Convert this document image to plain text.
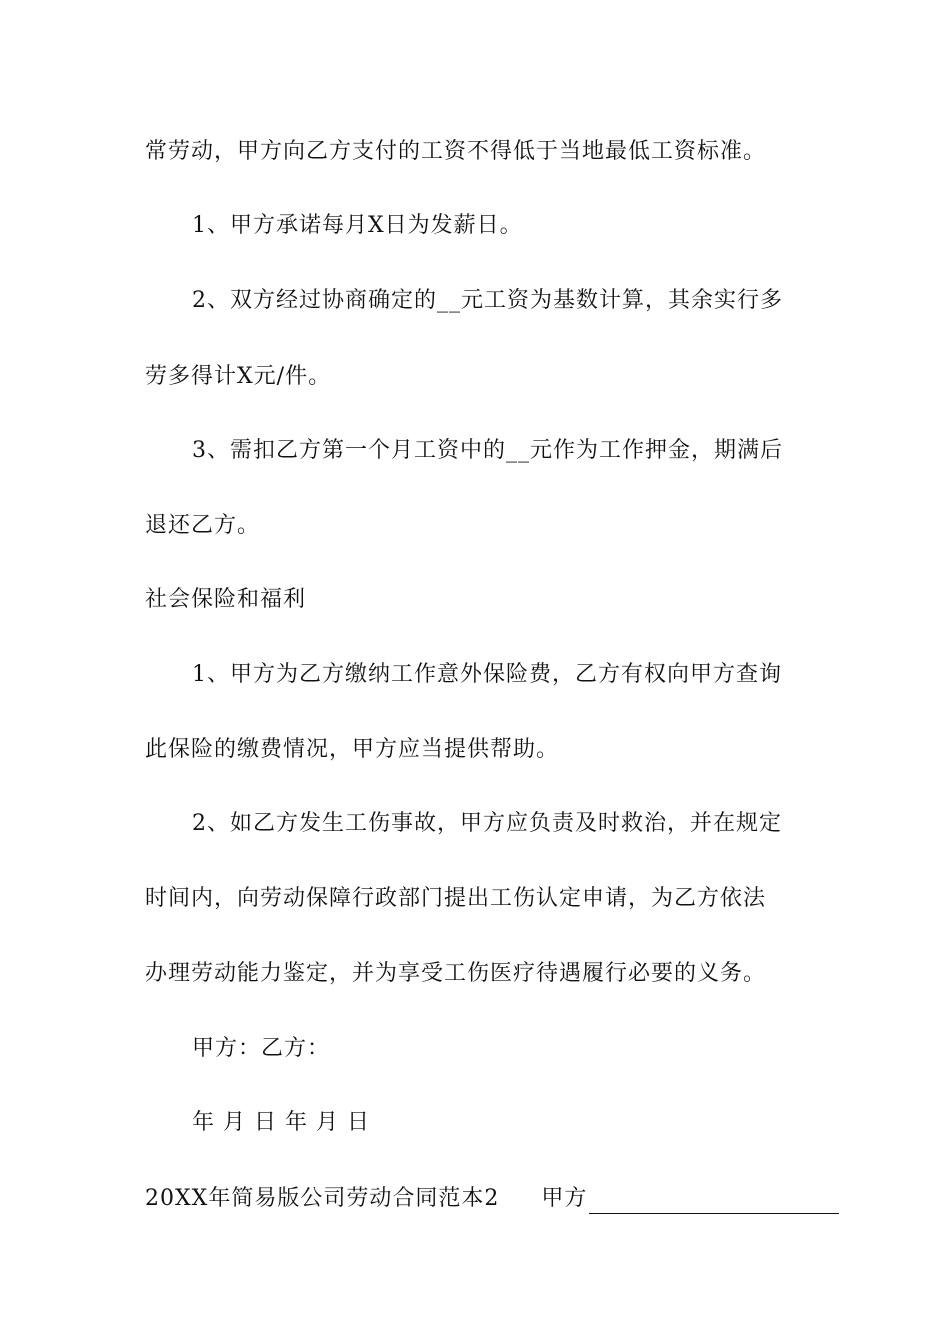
常劳动，甲方向乙方支付的工资不得低于当地最低工资标准。
1、甲方承诺每月X日为发薪日。
2、双方经过协商确定的__元工资为基数计算，其余实行多
劳多得计X元/件。
3、需扣乙方第一个月工资中的__元作为工作押金，期满后
退还乙方。
社会保险和福利
1、甲方为乙方缴纳工作意外保险费，乙方有权向甲方查询
此保险的缴费情况，甲方应当提供帮助。
2、如乙方发生工伤事故，甲方应负责及时救治，并在规定
时间内，向劳动保障行政部门提出工伤认定申请，为乙方依法
办理劳动能力鉴定，并为享受工伤医疗待遇履行必要的义务。
甲方：乙方：
年 月 日 年 月 日
20XX年简易版公司劳动合同范本2 甲方
